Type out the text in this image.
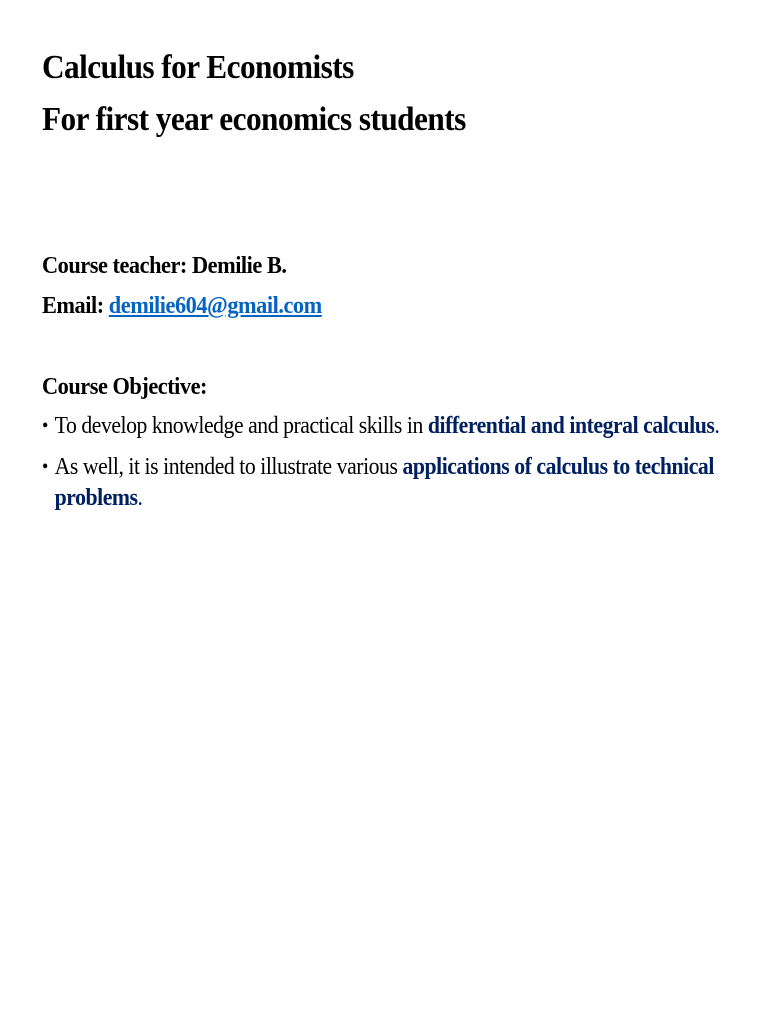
Calculus for Economists
For first year economics students
Course teacher: Demilie B.
Email: demilie604@gmail.com
Course Objective:
• To develop knowledge and practical skills in differential and integral calculus.
• As well, it is intended to illustrate various applications of calculus to technical problems.
